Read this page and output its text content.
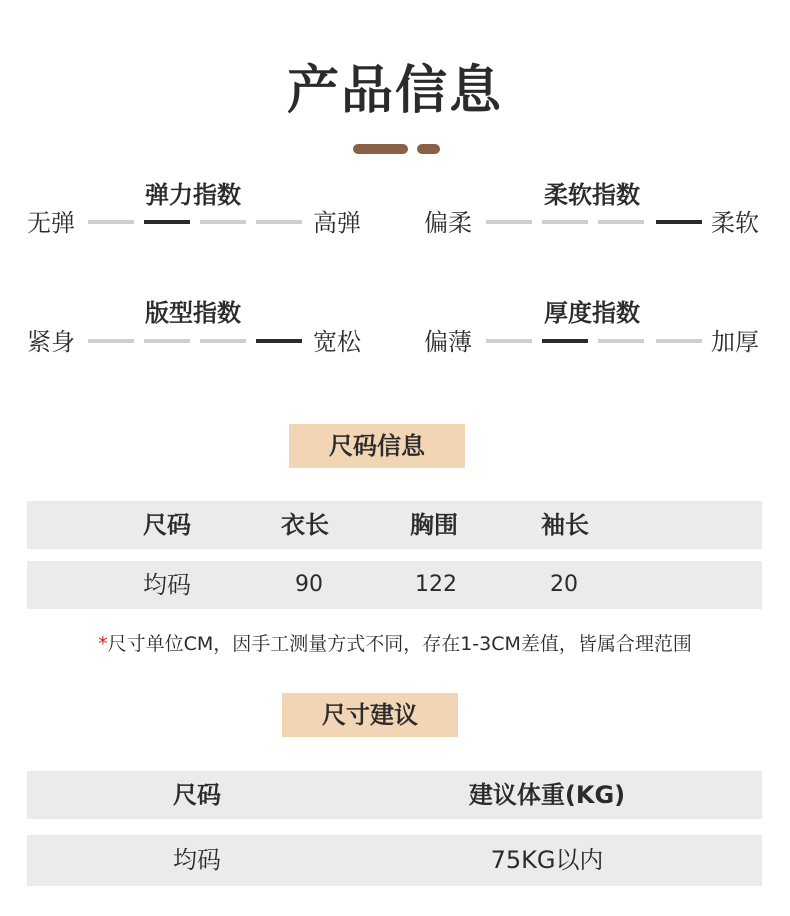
产品信息
弹力指数
无弹	高弹
柔软指数
偏柔	柔软
版型指数
紧身	宽松
厚度指数
偏薄	加厚
尺码信息
尺码	衣长	胸围	袖长
均码	90	122	20
*尺寸单位CM，因手工测量方式不同，存在1-3CM差值，皆属合理范围
尺寸建议
尺码	建议体重(KG)
均码	75KG以内
